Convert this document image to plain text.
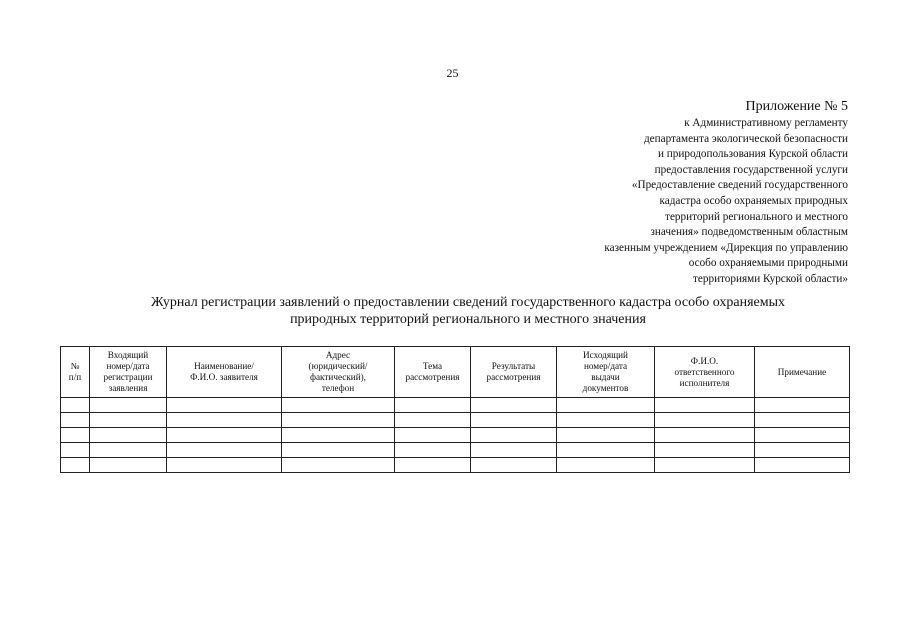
25
Приложение № 5
к Административному регламенту
департамента экологической безопасности
и природопользования Курской области
предоставления государственной услуги
«Предоставление сведений государственного
кадастра особо охраняемых природных
территорий регионального и местного
значения» подведомственным областным
казенным учреждением «Дирекция по управлению
особо охраняемыми природными
территориями Курской области»
Журнал регистрации заявлений о предоставлении сведений государственного кадастра особо охраняемых
природных территорий регионального и местного значения
№
п/п	Входящий
номер/дата
регистрации
заявления	Наименование/
Ф.И.О. заявителя	Адрес
(юридический/
фактический),
телефон	Тема
рассмотрения	Результаты
рассмотрения	Исходящий
номер/дата
выдачи
документов	Ф.И.О.
ответственного
исполнителя	Примечание
